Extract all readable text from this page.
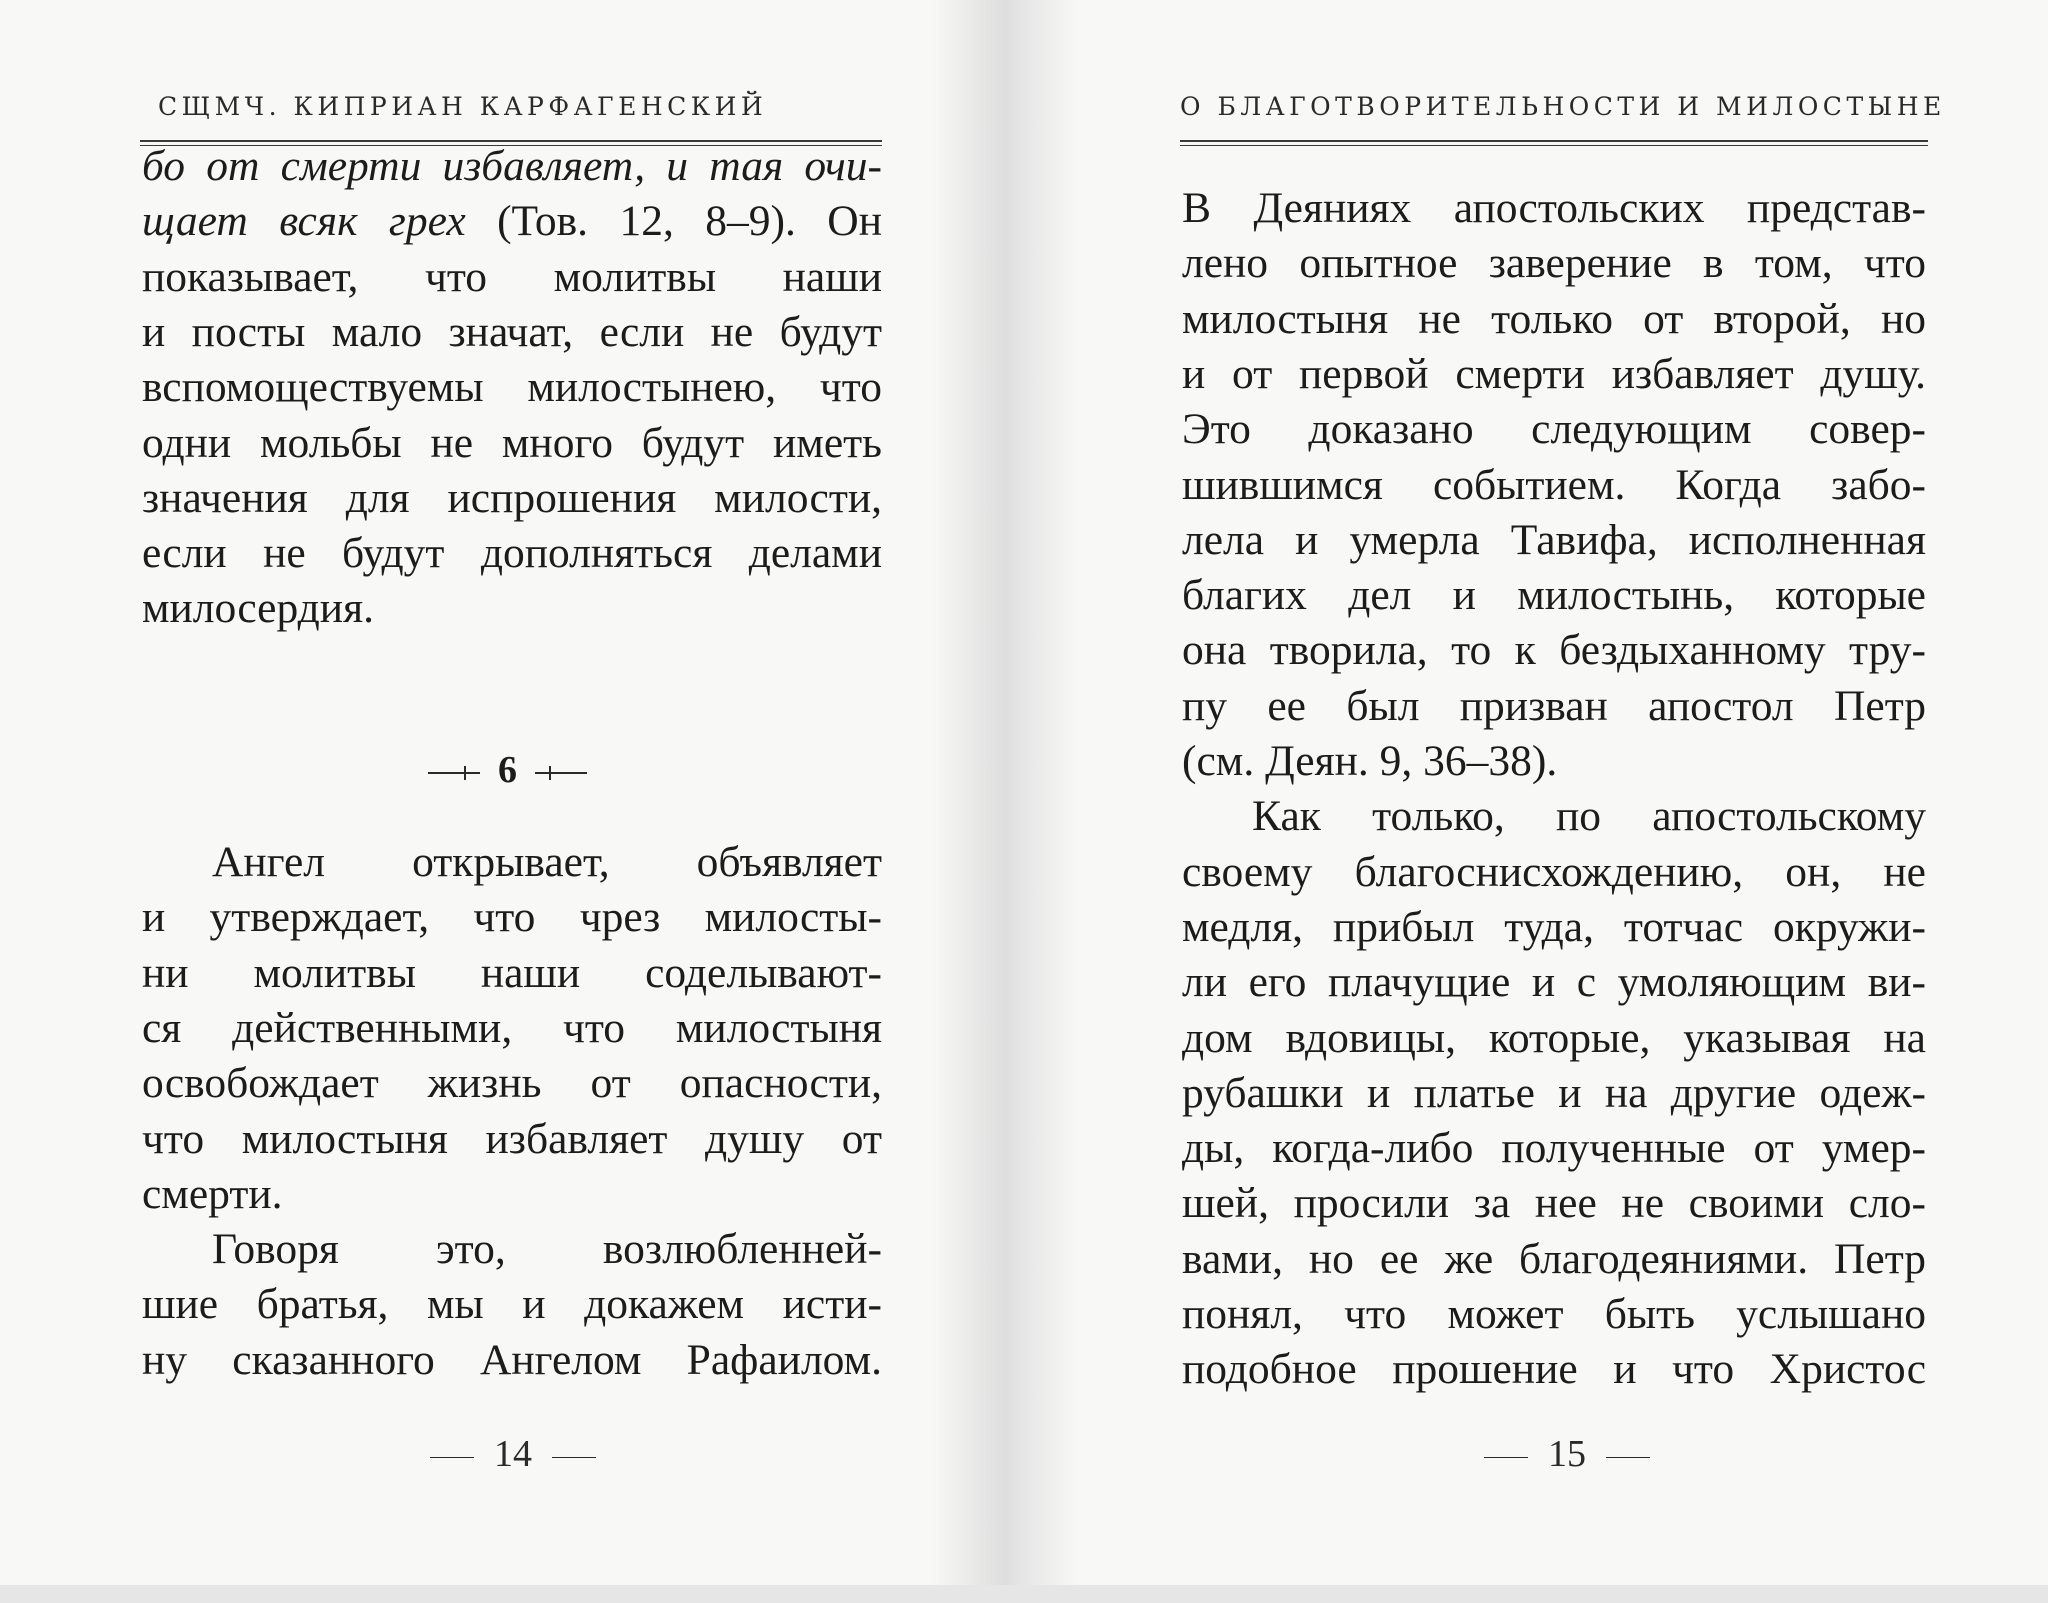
СЩМЧ. КИПРИАН КАРФАГЕНСКИЙ
бо от смерти избавляет, и тая очи-
щает всяк грех (Тов. 12, 8–9). Он
показывает, что молитвы наши
и посты мало значат, если не будут
вспомоществуемы милостынею, что
одни мольбы не много будут иметь
значения для испрошения милости,
если не будут дополняться делами
милосердия.
6
Ангел открывает, объявляет
и утверждает, что чрез милосты-
ни молитвы наши соделывают-
ся действенными, что милостыня
освобождает жизнь от опасности,
что милостыня избавляет душу от
смерти.
Говоря это, возлюбленней-
шие братья, мы и докажем исти-
ну сказанного Ангелом Рафаилом.
14
О БЛАГОТВОРИТЕЛЬНОСТИ И МИЛОСТЫНЕ
В Деяниях апостольских представ-
лено опытное заверение в том, что
милостыня не только от второй, но
и от первой смерти избавляет душу.
Это доказано следующим совер-
шившимся событием. Когда забо-
лела и умерла Тавифа, исполненная
благих дел и милостынь, которые
она творила, то к бездыханному тру-
пу ее был призван апостол Петр
(см. Деян. 9, 36–38).
Как только, по апостольскому
своему благоснисхождению, он, не
медля, прибыл туда, тотчас окружи-
ли его плачущие и с умоляющим ви-
дом вдовицы, которые, указывая на
рубашки и платье и на другие одеж-
ды, когда-либо полученные от умер-
шей, просили за нее не своими сло-
вами, но ее же благодеяниями. Петр
понял, что может быть услышано
подобное прошение и что Христос
15
